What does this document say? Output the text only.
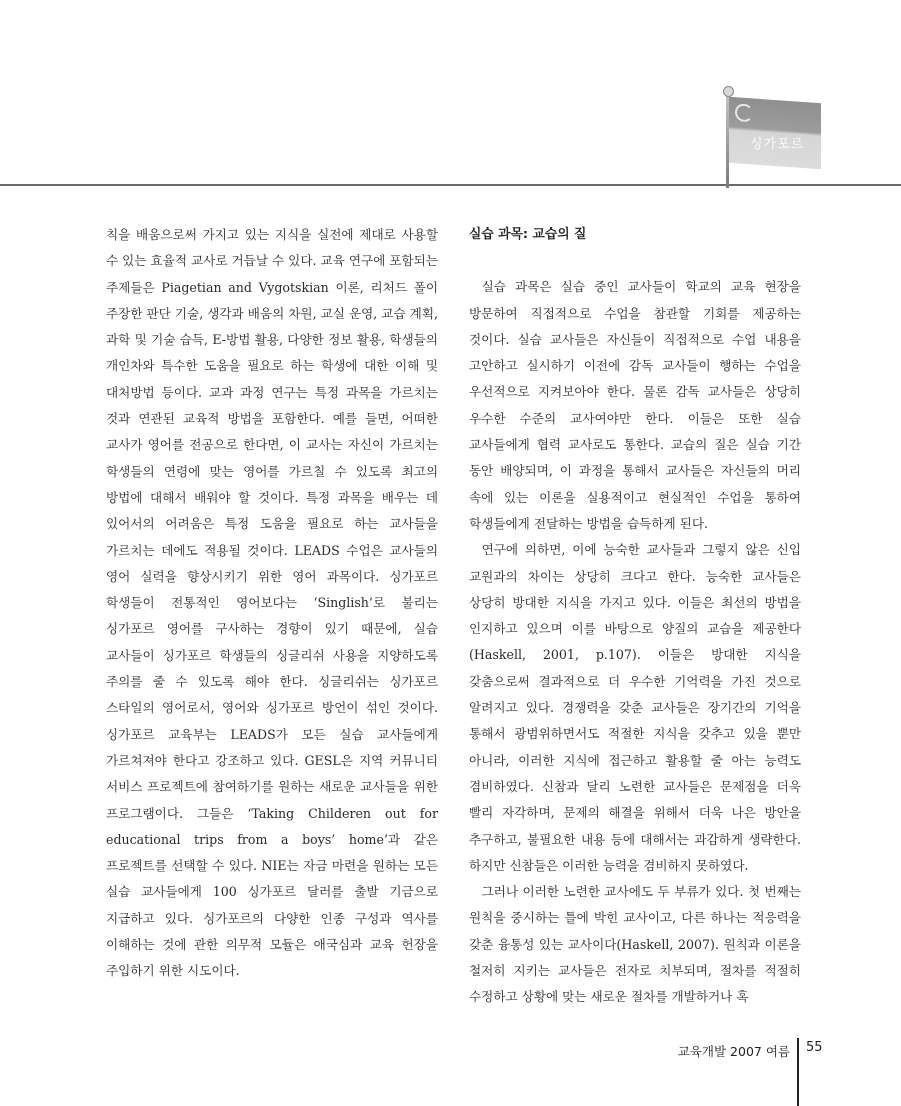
싱가포르

칙을 배움으로써 가지고 있는 지식을 실전에 제대로 사용할 수 있는 효율적 교사로 거듭날 수 있다. 교육 연구에 포함되는 주제들은 Piagetian and Vygotskian 이론, 리처드 폴이 주장한 판단 기술, 생각과 배움의 차원, 교실 운영, 교습 계획, 과학 및 기술 습득, E-방법 활용, 다양한 정보 활용, 학생들의 개인차와 특수한 도움을 필요로 하는 학생에 대한 이해 및 대처방법 등이다. 교과 과정 연구는 특정 과목을 가르치는 것과 연관된 교육적 방법을 포함한다. 예를 들면, 어떠한 교사가 영어를 전공으로 한다면, 이 교사는 자신이 가르치는 학생들의 연령에 맞는 영어를 가르칠 수 있도록 최고의 방법에 대해서 배워야 할 것이다. 특정 과목을 배우는 데 있어서의 어려움은 특정 도움을 필요로 하는 교사들을 가르치는 데에도 적용될 것이다. LEADS 수업은 교사들의 영어 실력을 향상시키기 위한 영어 과목이다. 싱가포르 학생들이 전통적인 영어보다는 ‘Singlish’로 불리는 싱가포르 영어를 구사하는 경향이 있기 때문에, 실습 교사들이 싱가포르 학생들의 싱글리쉬 사용을 지양하도록 주의를 줄 수 있도록 해야 한다. 싱글리쉬는 싱가포르 스타일의 영어로서, 영어와 싱가포르 방언이 섞인 것이다. 싱가포르 교육부는 LEADS가 모든 실습 교사들에게 가르쳐져야 한다고 강조하고 있다. GESL은 지역 커뮤니티 서비스 프로젝트에 참여하기를 원하는 새로운 교사들을 위한 프로그램이다. 그들은 ‘Taking Childeren out for educational trips from a boys’ home’과 같은 프로젝트를 선택할 수 있다. NIE는 자금 마련을 원하는 모든 실습 교사들에게 100 싱가포르 달러를 출발 기금으로 지급하고 있다. 싱가포르의 다양한 인종 구성과 역사를 이해하는 것에 관한 의무적 모듈은 애국심과 교육 헌장을 주입하기 위한 시도이다.

실습 과목: 교습의 질

실습 과목은 실습 중인 교사들이 학교의 교육 현장을 방문하여 직접적으로 수업을 참관할 기회를 제공하는 것이다. 실습 교사들은 자신들이 직접적으로 수업 내용을 고안하고 실시하기 이전에 감독 교사들이 행하는 수업을 우선적으로 지켜보아야 한다. 물론 감독 교사들은 상당히 우수한 수준의 교사여야만 한다. 이들은 또한 실습 교사들에게 협력 교사로도 통한다. 교습의 질은 실습 기간 동안 배양되며, 이 과정을 통해서 교사들은 자신들의 머리 속에 있는 이론을 실용적이고 현실적인 수업을 통하여 학생들에게 전달하는 방법을 습득하게 된다.

연구에 의하면, 이에 능숙한 교사들과 그렇지 않은 신입 교원과의 차이는 상당히 크다고 한다. 능숙한 교사들은 상당히 방대한 지식을 가지고 있다. 이들은 최선의 방법을 인지하고 있으며 이를 바탕으로 양질의 교습을 제공한다(Haskell, 2001, p.107). 이들은 방대한 지식을 갖춤으로써 결과적으로 더 우수한 기억력을 가진 것으로 알려지고 있다. 경쟁력을 갖춘 교사들은 장기간의 기억을 통해서 광범위하면서도 적절한 지식을 갖추고 있을 뿐만 아니라, 이러한 지식에 접근하고 활용할 줄 아는 능력도 겸비하였다. 신참과 달리 노련한 교사들은 문제점을 더욱 빨리 자각하며, 문제의 해결을 위해서 더욱 나은 방안을 추구하고, 불필요한 내용 등에 대해서는 과감하게 생략한다. 하지만 신참들은 이러한 능력을 겸비하지 못하였다.

그러나 이러한 노련한 교사에도 두 부류가 있다. 첫 번째는 원칙을 중시하는 틀에 박힌 교사이고, 다른 하나는 적응력을 갖춘 융통성 있는 교사이다(Haskell, 2007). 원칙과 이론을 철저히 지키는 교사들은 전자로 치부되며, 절차를 적절히 수정하고 상황에 맞는 새로운 절차를 개발하거나 혹

교육개발 2007 여름 55
